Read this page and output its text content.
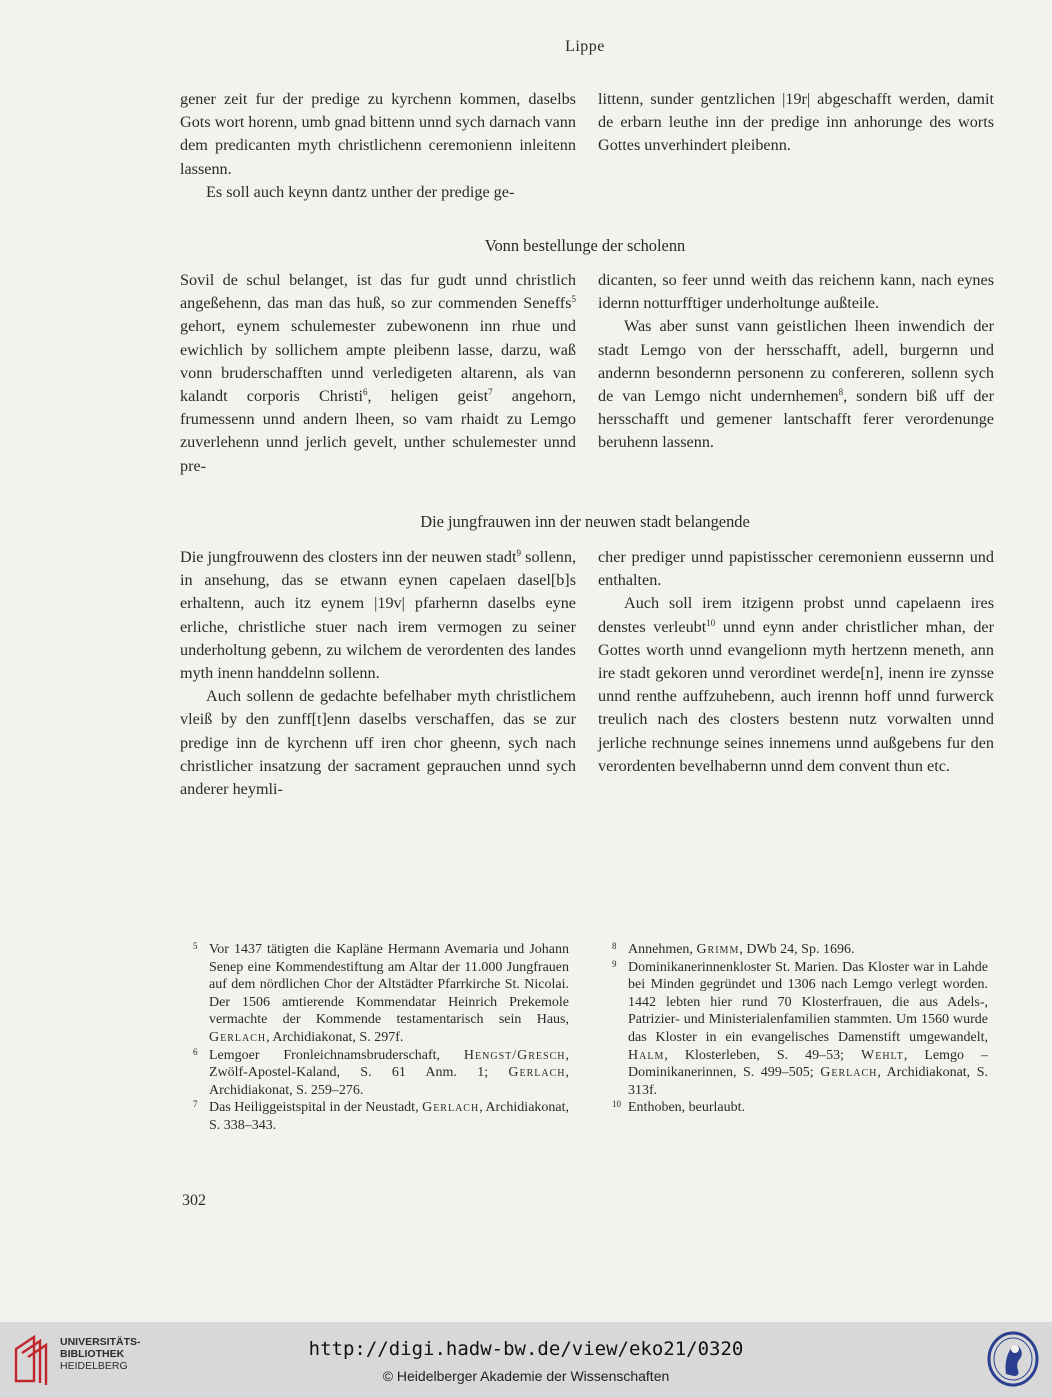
Lippe

gener zeit fur der predige zu kyrchenn kommen, daselbs Gots wort horenn, umb gnad bittenn unnd sych darnach vann dem predicanten myth christlichenn ceremonienn inleitenn lassenn.

Es soll auch keynn dantz unther der predige ge-

littenn, sunder gentzlichen |19r| abgeschafft werden, damit de erbarn leuthe inn der predige inn anhorunge des worts Gottes unverhindert pleibenn.

Vonn bestellunge der scholenn

Sovil de schul belanget, ist das fur gudt unnd christlich angeßehenn, das man das huß, so zur commenden Seneffs$^5$ gehort, eynem schulemester zubewonenn inn rhue und ewichlich by sollichem ampte pleibenn lasse, darzu, waß vonn bruderschafften unnd verledigeten altarenn, als van kalandt corporis Christi$^6$, heligen geist$^7$ angehorn, frumessenn unnd andern lheen, so vam rhaidt zu Lemgo zuverlehenn unnd jerlich gevelt, unther schulemester unnd pre-

dicanten, so feer unnd weith das reichenn kann, nach eynes idernn notturfftiger underholtunge außteile.

Was aber sunst vann geistlichen lheen inwendich der stadt Lemgo von der hersschafft, adell, burgernn und andernn besondernn personenn zu confereren, sollenn sych de van Lemgo nicht undernhemen$^8$, sondern biß uff der hersschafft und gemener lantschafft ferer verordenunge beruhenn lassenn.

Die jungfrauwen inn der neuwen stadt belangende

Die jungfrouwenn des closters inn der neuwen stadt$^9$ sollenn, in ansehung, das se etwann eynen capelaen dasel[b]s erhaltenn, auch itz eynem |19v| pfarhernn daselbs eyne erliche, christliche stuer nach irem vermogen zu seiner underholtung gebenn, zu wilchem de verordenten des landes myth inenn handdelnn sollenn.

Auch sollenn de gedachte befelhaber myth christlichem vleiß by den zunff[t]enn daselbs verschaffen, das se zur predige inn de kyrchenn uff iren chor gheenn, sych nach christlicher insatzung der sacrament geprauchen unnd sych anderer heymli-

cher prediger unnd papistisscher ceremonienn eussernn und enthalten.

Auch soll irem itzigenn probst unnd capelaenn ires denstes verleubt$^{10}$ unnd eynn ander christlicher mhan, der Gottes worth unnd evangelionn myth hertzenn meneth, ann ire stadt gekoren unnd verordinet werde[n], inenn ire zynsse unnd renthe auffzuhebenn, auch irennn hoff unnd furwerck treulich nach des closters bestenn nutz vorwalten unnd jerliche rechnunge seines innemens unnd außgebens fur den verordenten bevelhabernn unnd dem convent thun etc.

5 Vor 1437 tätigten die Kapläne Hermann Avemaria und Johann Senep eine Kommendestiftung am Altar der 11.000 Jungfrauen auf dem nördlichen Chor der Altstädter Pfarrkirche St. Nicolai. Der 1506 amtierende Kommendatar Heinrich Prekemole vermachte der Kommende testamentarisch sein Haus, Gerlach, Archidiakonat, S. 297f.
6 Lemgoer Fronleichnamsbruderschaft, Hengst/Gresch, Zwölf-Apostel-Kaland, S. 61 Anm. 1; Gerlach, Archidiakonat, S. 259–276.
7 Das Heiliggeistspital in der Neustadt, Gerlach, Archidiakonat, S. 338–343.
8 Annehmen, Grimm, DWb 24, Sp. 1696.
9 Dominikanerinnenkloster St. Marien. Das Kloster war in Lahde bei Minden gegründet und 1306 nach Lemgo verlegt worden. 1442 lebten hier rund 70 Klosterfrauen, die aus Adels-, Patrizier- und Ministerialenfamilien stammten. Um 1560 wurde das Kloster in ein evangelisches Damenstift umgewandelt, Halm, Klosterleben, S. 49–53; Wehlt, Lemgo – Dominikanerinnen, S. 499–505; Gerlach, Archidiakonat, S. 313f.
10 Enthoben, beurlaubt.
302
UNIVERSITÄTS-
BIBLIOTHEK
HEIDELBERG
http://digi.hadw-bw.de/view/eko21/0320
© Heidelberger Akademie der Wissenschaften
